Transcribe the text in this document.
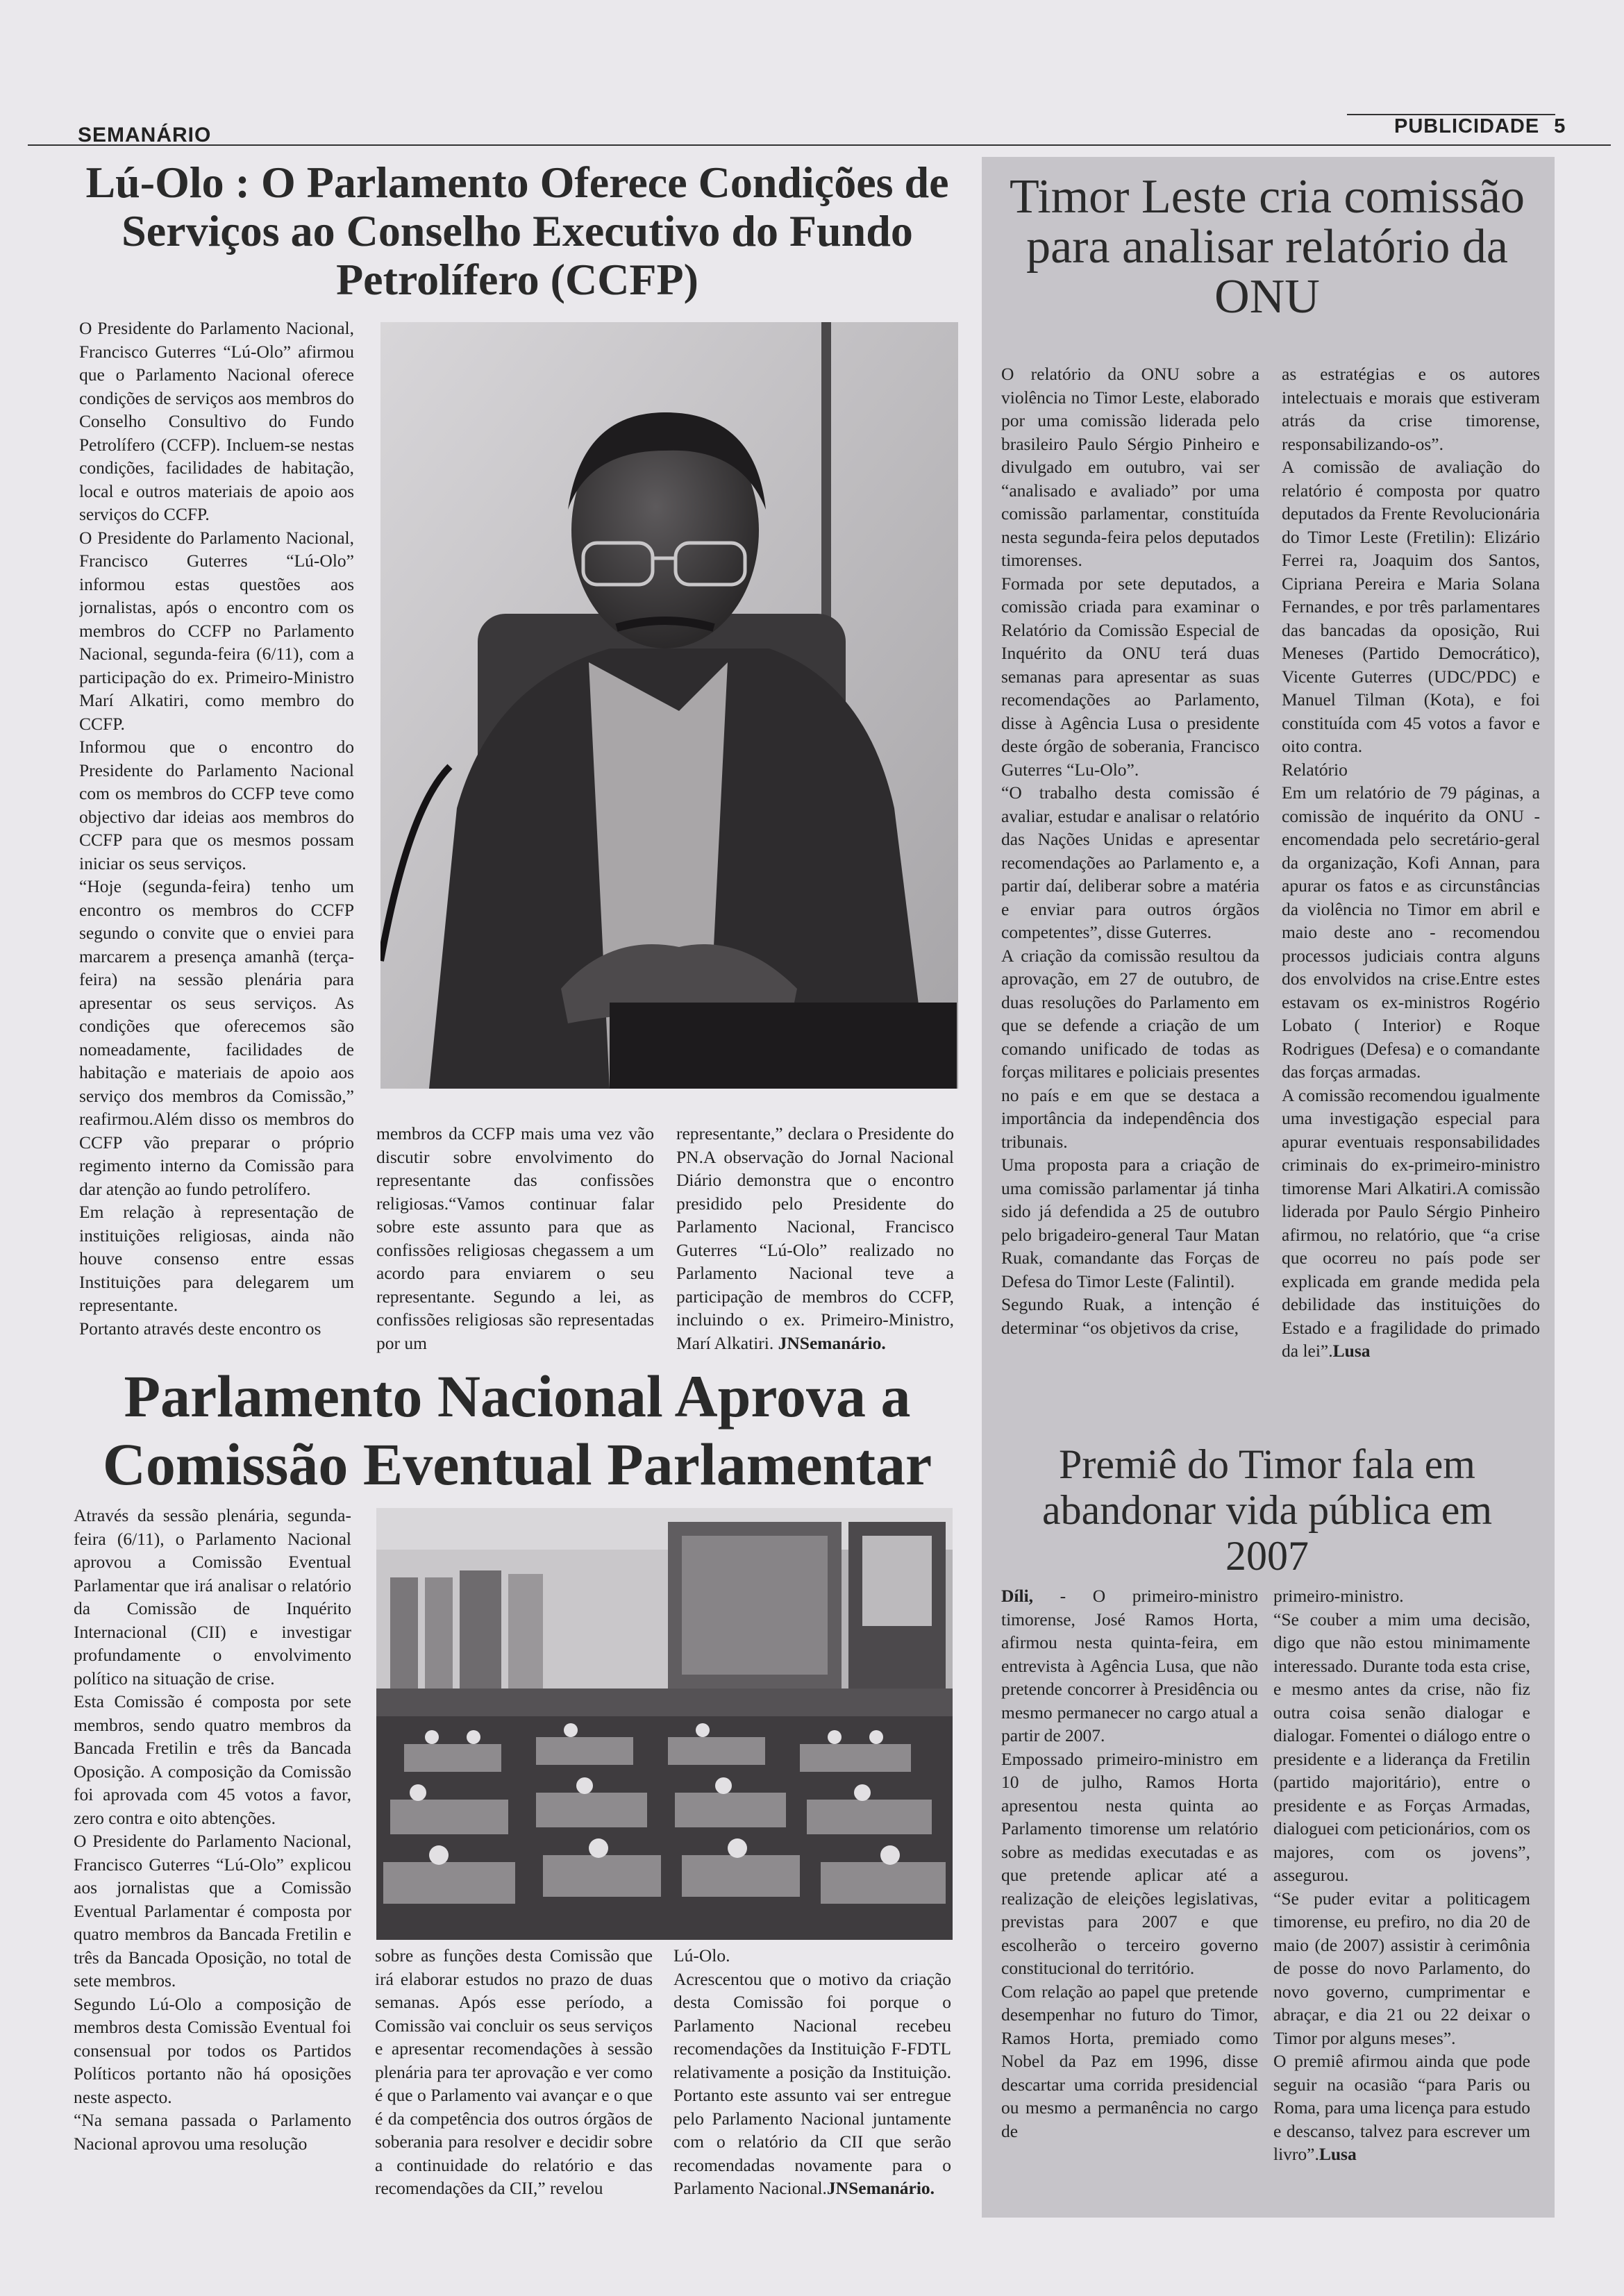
SEMANÁRIO	PUBLICIDADE 5
Lú-Olo : O Parlamento Oferece Condições de Serviços ao Conselho Executivo do Fundo Petrolífero (CCFP)

O Presidente do Parlamento Nacional, Francisco Guterres “Lú-Olo” afirmou que o Parlamento Nacional oferece condições de serviços aos membros do Conselho Consultivo do Fundo Petrolífero (CCFP). Incluem-se nestas condições, facilidades de habitação, local e outros materiais de apoio aos serviços do CCFP.

O Presidente do Parlamento Nacional, Francisco Guterres “Lú-Olo” informou estas questões aos jornalistas, após o encontro com os membros do CCFP no Parlamento Nacional, segunda-feira (6/11), com a participação do ex. Primeiro-Ministro Marí Alkatiri, como membro do CCFP.

Informou que o encontro do Presidente do Parlamento Nacional com os membros do CCFP teve como objectivo dar ideias aos membros do CCFP para que os mesmos possam iniciar os seus serviços.

“Hoje (segunda-feira) tenho um encontro os membros do CCFP segundo o convite que o enviei para marcarem a presença amanhã (terça-feira) na sessão plenária para apresentar os seus serviços. As condições que oferecemos são nomeadamente, facilidades de habitação e materiais de apoio aos serviço dos membros da Comissão,” reafirmou.Além disso os membros do CCFP vão preparar o próprio regimento interno da Comissão para dar atenção ao fundo petrolífero.

Em relação à representação de instituições religiosas, ainda não houve consenso entre essas Instituições para delegarem um representante.

Portanto através deste encontro os

membros da CCFP mais uma vez vão discutir sobre envolvimento do representante das confissões religiosas.“Vamos continuar falar sobre este assunto para que as confissões religiosas chegassem a um acordo para enviarem o seu representante. Segundo a lei, as confissões religiosas são representadas por um

representante,” declara o Presidente do PN.A observação do Jornal Nacional Diário demonstra que o encontro presidido pelo Presidente do Parlamento Nacional, Francisco Guterres “Lú-Olo” realizado no Parlamento Nacional teve a participação de membros do CCFP, incluindo o ex. Primeiro-Ministro, Marí Alkatiri. JNSemanário.

Parlamento Nacional Aprova a Comissão Eventual Parlamentar

Através da sessão plenária, segunda-feira (6/11), o Parlamento Nacional aprovou a Comissão Eventual Parlamentar que irá analisar o relatório da Comissão de Inquérito Internacional (CII) e investigar profundamente o envolvimento político na situação de crise.

Esta Comissão é composta por sete membros, sendo quatro membros da Bancada Fretilin e três da Bancada Oposição. A composição da Comissão foi aprovada com 45 votos a favor, zero contra e oito abtenções.

O Presidente do Parlamento Nacional, Francisco Guterres “Lú-Olo” explicou aos jornalistas que a Comissão Eventual Parlamentar é composta por quatro membros da Bancada Fretilin e três da Bancada Oposição, no total de sete membros.

Segundo Lú-Olo a composição de membros desta Comissão Eventual foi consensual por todos os Partidos Políticos portanto não há oposições neste aspecto.

“Na semana passada o Parlamento Nacional aprovou uma resolução

sobre as funções desta Comissão que irá elaborar estudos no prazo de duas semanas. Após esse período, a Comissão vai concluir os seus serviços e apresentar recomendações à sessão plenária para ter aprovação e ver como é que o Parlamento vai avançar e o que é da competência dos outros órgãos de soberania para resolver e decidir sobre a continuidade do relatório e das recomendações da CII,” revelou

Lú-Olo.

Acrescentou que o motivo da criação desta Comissão foi porque o Parlamento Nacional recebeu recomendações da Instituição F-FDTL relativamente a posição da Instituição. Portanto este assunto vai ser entregue pelo Parlamento Nacional juntamente com o relatório da CII que serão recomendadas novamente para o Parlamento Nacional.JNSemanário.

Timor Leste cria comissão para analisar relatório da ONU

O relatório da ONU sobre a violência no Timor Leste, elaborado por uma comissão liderada pelo brasileiro Paulo Sérgio Pinheiro e divulgado em outubro, vai ser “analisado e avaliado” por uma comissão parlamentar, constituída nesta segunda-feira pelos deputados timorenses.

Formada por sete deputados, a comissão criada para examinar o Relatório da Comissão Especial de Inquérito da ONU terá duas semanas para apresentar as suas recomendações ao Parlamento, disse à Agência Lusa o presidente deste órgão de soberania, Francisco Guterres “Lu-Olo”.

“O trabalho desta comissão é avaliar, estudar e analisar o relatório das Nações Unidas e apresentar recomendações ao Parlamento e, a partir daí, deliberar sobre a matéria e enviar para outros órgãos competentes”, disse Guterres.

A criação da comissão resultou da aprovação, em 27 de outubro, de duas resoluções do Parlamento em que se defende a criação de um comando unificado de todas as forças militares e policiais presentes no país e em que se destaca a importância da independência dos tribunais.

Uma proposta para a criação de uma comissão parlamentar já tinha sido já defendida a 25 de outubro pelo brigadeiro-general Taur Matan Ruak, comandante das Forças de Defesa do Timor Leste (Falintil).

Segundo Ruak, a intenção é determinar “os objetivos da crise,

as estratégias e os autores intelectuais e morais que estiveram atrás da crise timorense, responsabilizando-os”.

A comissão de avaliação do relatório é composta por quatro deputados da Frente Revolucionária do Timor Leste (Fretilin): Elizário Ferrei ra, Joaquim dos Santos, Cipriana Pereira e Maria Solana Fernandes, e por três parlamentares das bancadas da oposição, Rui Meneses (Partido Democrático), Vicente Guterres (UDC/PDC) e Manuel Tilman (Kota), e foi constituída com 45 votos a favor e oito contra.

Relatório

Em um relatório de 79 páginas, a comissão de inquérito da ONU - encomendada pelo secretário-geral da organização, Kofi Annan, para apurar os fatos e as circunstâncias da violência no Timor em abril e maio deste ano - recomendou processos judiciais contra alguns dos envolvidos na crise.Entre estes estavam os ex-ministros Rogério Lobato ( Interior) e Roque Rodrigues (Defesa) e o comandante das forças armadas.

A comissão recomendou igualmente uma investigação especial para apurar eventuais responsabilidades criminais do ex-primeiro-ministro timorense Mari Alkatiri.A comissão liderada por Paulo Sérgio Pinheiro afirmou, no relatório, que “a crise que ocorreu no país pode ser explicada em grande medida pela debilidade das instituições do Estado e a fragilidade do primado da lei”.Lusa

Premiê do Timor fala em abandonar vida pública em 2007

Díli, - O primeiro-ministro timorense, José Ramos Horta, afirmou nesta quinta-feira, em entrevista à Agência Lusa, que não pretende concorrer à Presidência ou mesmo permanecer no cargo atual a partir de 2007.

Empossado primeiro-ministro em 10 de julho, Ramos Horta apresentou nesta quinta ao Parlamento timorense um relatório sobre as medidas executadas e as que pretende aplicar até a realização de eleições legislativas, previstas para 2007 e que escolherão o terceiro governo constitucional do território.

Com relação ao papel que pretende desempenhar no futuro do Timor, Ramos Horta, premiado como Nobel da Paz em 1996, disse descartar uma corrida presidencial ou mesmo a permanência no cargo de

primeiro-ministro.

“Se couber a mim uma decisão, digo que não estou minimamente interessado. Durante toda esta crise, e mesmo antes da crise, não fiz outra coisa senão dialogar e dialogar. Fomentei o diálogo entre o presidente e a liderança da Fretilin (partido majoritário), entre o presidente e as Forças Armadas, dialoguei com peticionários, com os majores, com os jovens”, assegurou.

“Se puder evitar a politicagem timorense, eu prefiro, no dia 20 de maio (de 2007) assistir à cerimônia de posse do novo Parlamento, do novo governo, cumprimentar e abraçar, e dia 21 ou 22 deixar o Timor por alguns meses”.

O premiê afirmou ainda que pode seguir na ocasião “para Paris ou Roma, para uma licença para estudo e descanso, talvez para escrever um livro”.Lusa
